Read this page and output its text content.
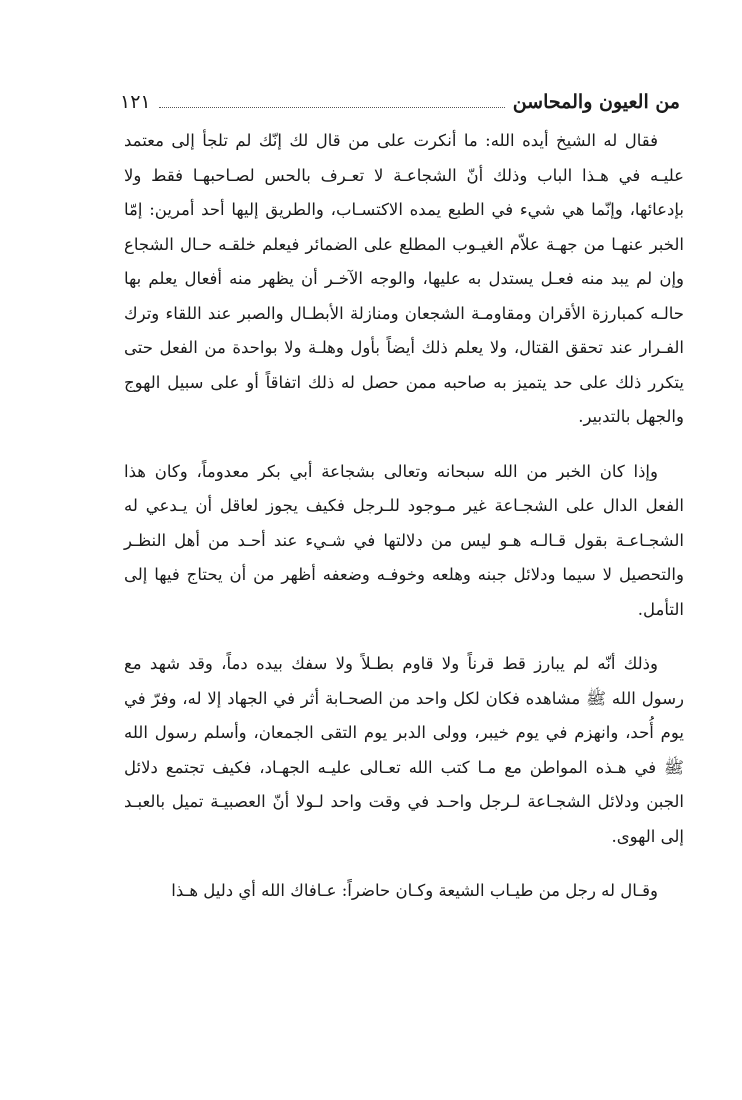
من العيون والمحاسن
١٢١

فقال له الشيخ أيده الله: ما أنكرت على من قال لك إنّك لم تلجأ إلى معتمد عليـه في هـذا الباب وذلك أنّ الشجاعـة لا تعـرف بالحس لصـاحبهـا فقط ولا بإدعائها، وإنّما هي شيء في الطبع يمده الاكتسـاب، والطريق إليها أحد أمرين: إمّا الخبر عنهـا من جهـة علاّم الغيـوب المطلع على الضمائر فيعلم خلقـه حـال الشجاع وإن لم يبد منه فعـل يستدل به عليها، والوجه الآخـر أن يظهر منه أفعال يعلم بها حالـه كمبارزة الأقران ومقاومـة الشجعان ومنازلة الأبطـال والصبر عند اللقاء وترك الفـرار عند تحقق القتال، ولا يعلم ذلك أيضاً بأول وهلـة ولا بواحدة من الفعل حتى يتكرر ذلك على حد يتميز به صاحبه ممن حصل له ذلك اتفاقاً أو على سبيل الهوج والجهل بالتدبير.

وإذا كان الخبر من الله سبحانه وتعالى بشجاعة أبي بكر معدوماً، وكان هذا الفعل الدال على الشجـاعة غير مـوجود للـرجل فكيف يجوز لعاقل أن يـدعي له الشجـاعـة بقول قـالـه هـو ليس من دلالتها في شـيء عند أحـد من أهل النظـر والتحصيل لا سيما ودلائل جبنه وهلعه وخوفـه وضعفه أظهر من أن يحتاج فيها إلى التأمل.

وذلك أنّه لم يبارز قط قرناً ولا قاوم بطـلاً ولا سفك بيده دماً، وقد شهد مع رسول الله ﷺ مشاهده فكان لكل واحد من الصحـابة أثر في الجهاد إلا له، وفرّ في يوم أُحد، وانهزم في يوم خيبر، وولى الدبر يوم التقى الجمعان، وأسلم رسول الله ﷺ في هـذه المواطن مع مـا كتب الله تعـالى عليـه الجهـاد، فكيف تجتمع دلائل الجبن ودلائل الشجـاعة لـرجل واحـد في وقت واحد لـولا أنّ العصبيـة تميل بالعبـد إلى الهوى.

وقـال له رجل من طيـاب الشيعة وكـان حاضراً: عـافاك الله أي دليل هـذا
